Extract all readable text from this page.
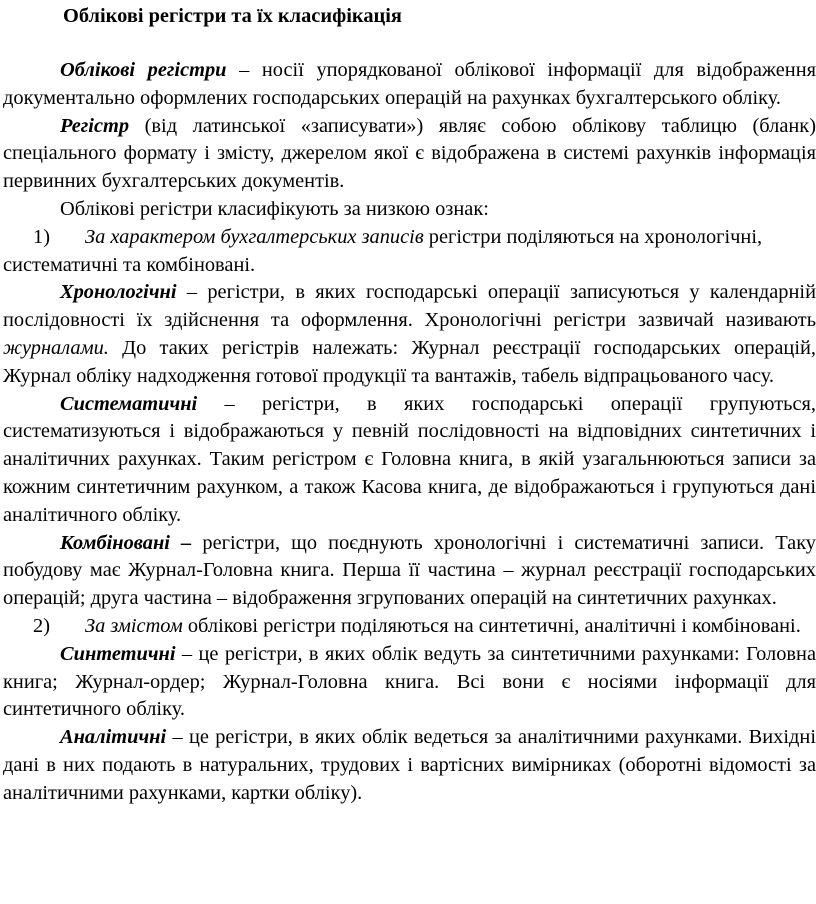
Облікові регістри та їх класифікація

Облікові регістри – носії упорядкованої облікової інформації для відображення документально оформлених господарських операцій на рахунках бухгалтерського обліку.

Регістр (від латинської «записувати») являє собою облікову таблицю (бланк) спеціального формату і змісту, джерелом якої є відображена в системі рахунків інформація первинних бухгалтерських документів.

Облікові регістри класифікують за низкою ознак:

1) За характером бухгалтерських записів регістри поділяються на хронологічні, систематичні та комбіновані.

Хронологічні – регістри, в яких господарські операції записуються у календарній послідовності їх здійснення та оформлення. Хронологічні регістри зазвичай називають журналами. До таких регістрів належать: Журнал реєстрації господарських операцій, Журнал обліку надходження готової продукції та вантажів, табель відпрацьованого часу.

Систематичні – регістри, в яких господарські операції групуються, систематизуються і відображаються у певній послідовності на відповідних синтетичних і аналітичних рахунках. Таким регістром є Головна книга, в якій узагальнюються записи за кожним синтетичним рахунком, а також Касова книга, де відображаються і групуються дані аналітичного обліку.

Комбіновані – регістри, що поєднують хронологічні і систематичні записи. Таку побудову має Журнал-Головна книга. Перша її частина – журнал реєстрації господарських операцій; друга частина – відображення згрупованих операцій на синтетичних рахунках.

2) За змістом облікові регістри поділяються на синтетичні, аналітичні і комбіновані.

Синтетичні – це регістри, в яких облік ведуть за синтетичними рахунками: Головна книга; Журнал-ордер; Журнал-Головна книга. Всі вони є носіями інформації для синтетичного обліку.

Аналітичні – це регістри, в яких облік ведеться за аналітичними рахунками. Вихідні дані в них подають в натуральних, трудових і вартісних вимірниках (оборотні відомості за аналітичними рахунками, картки обліку).
